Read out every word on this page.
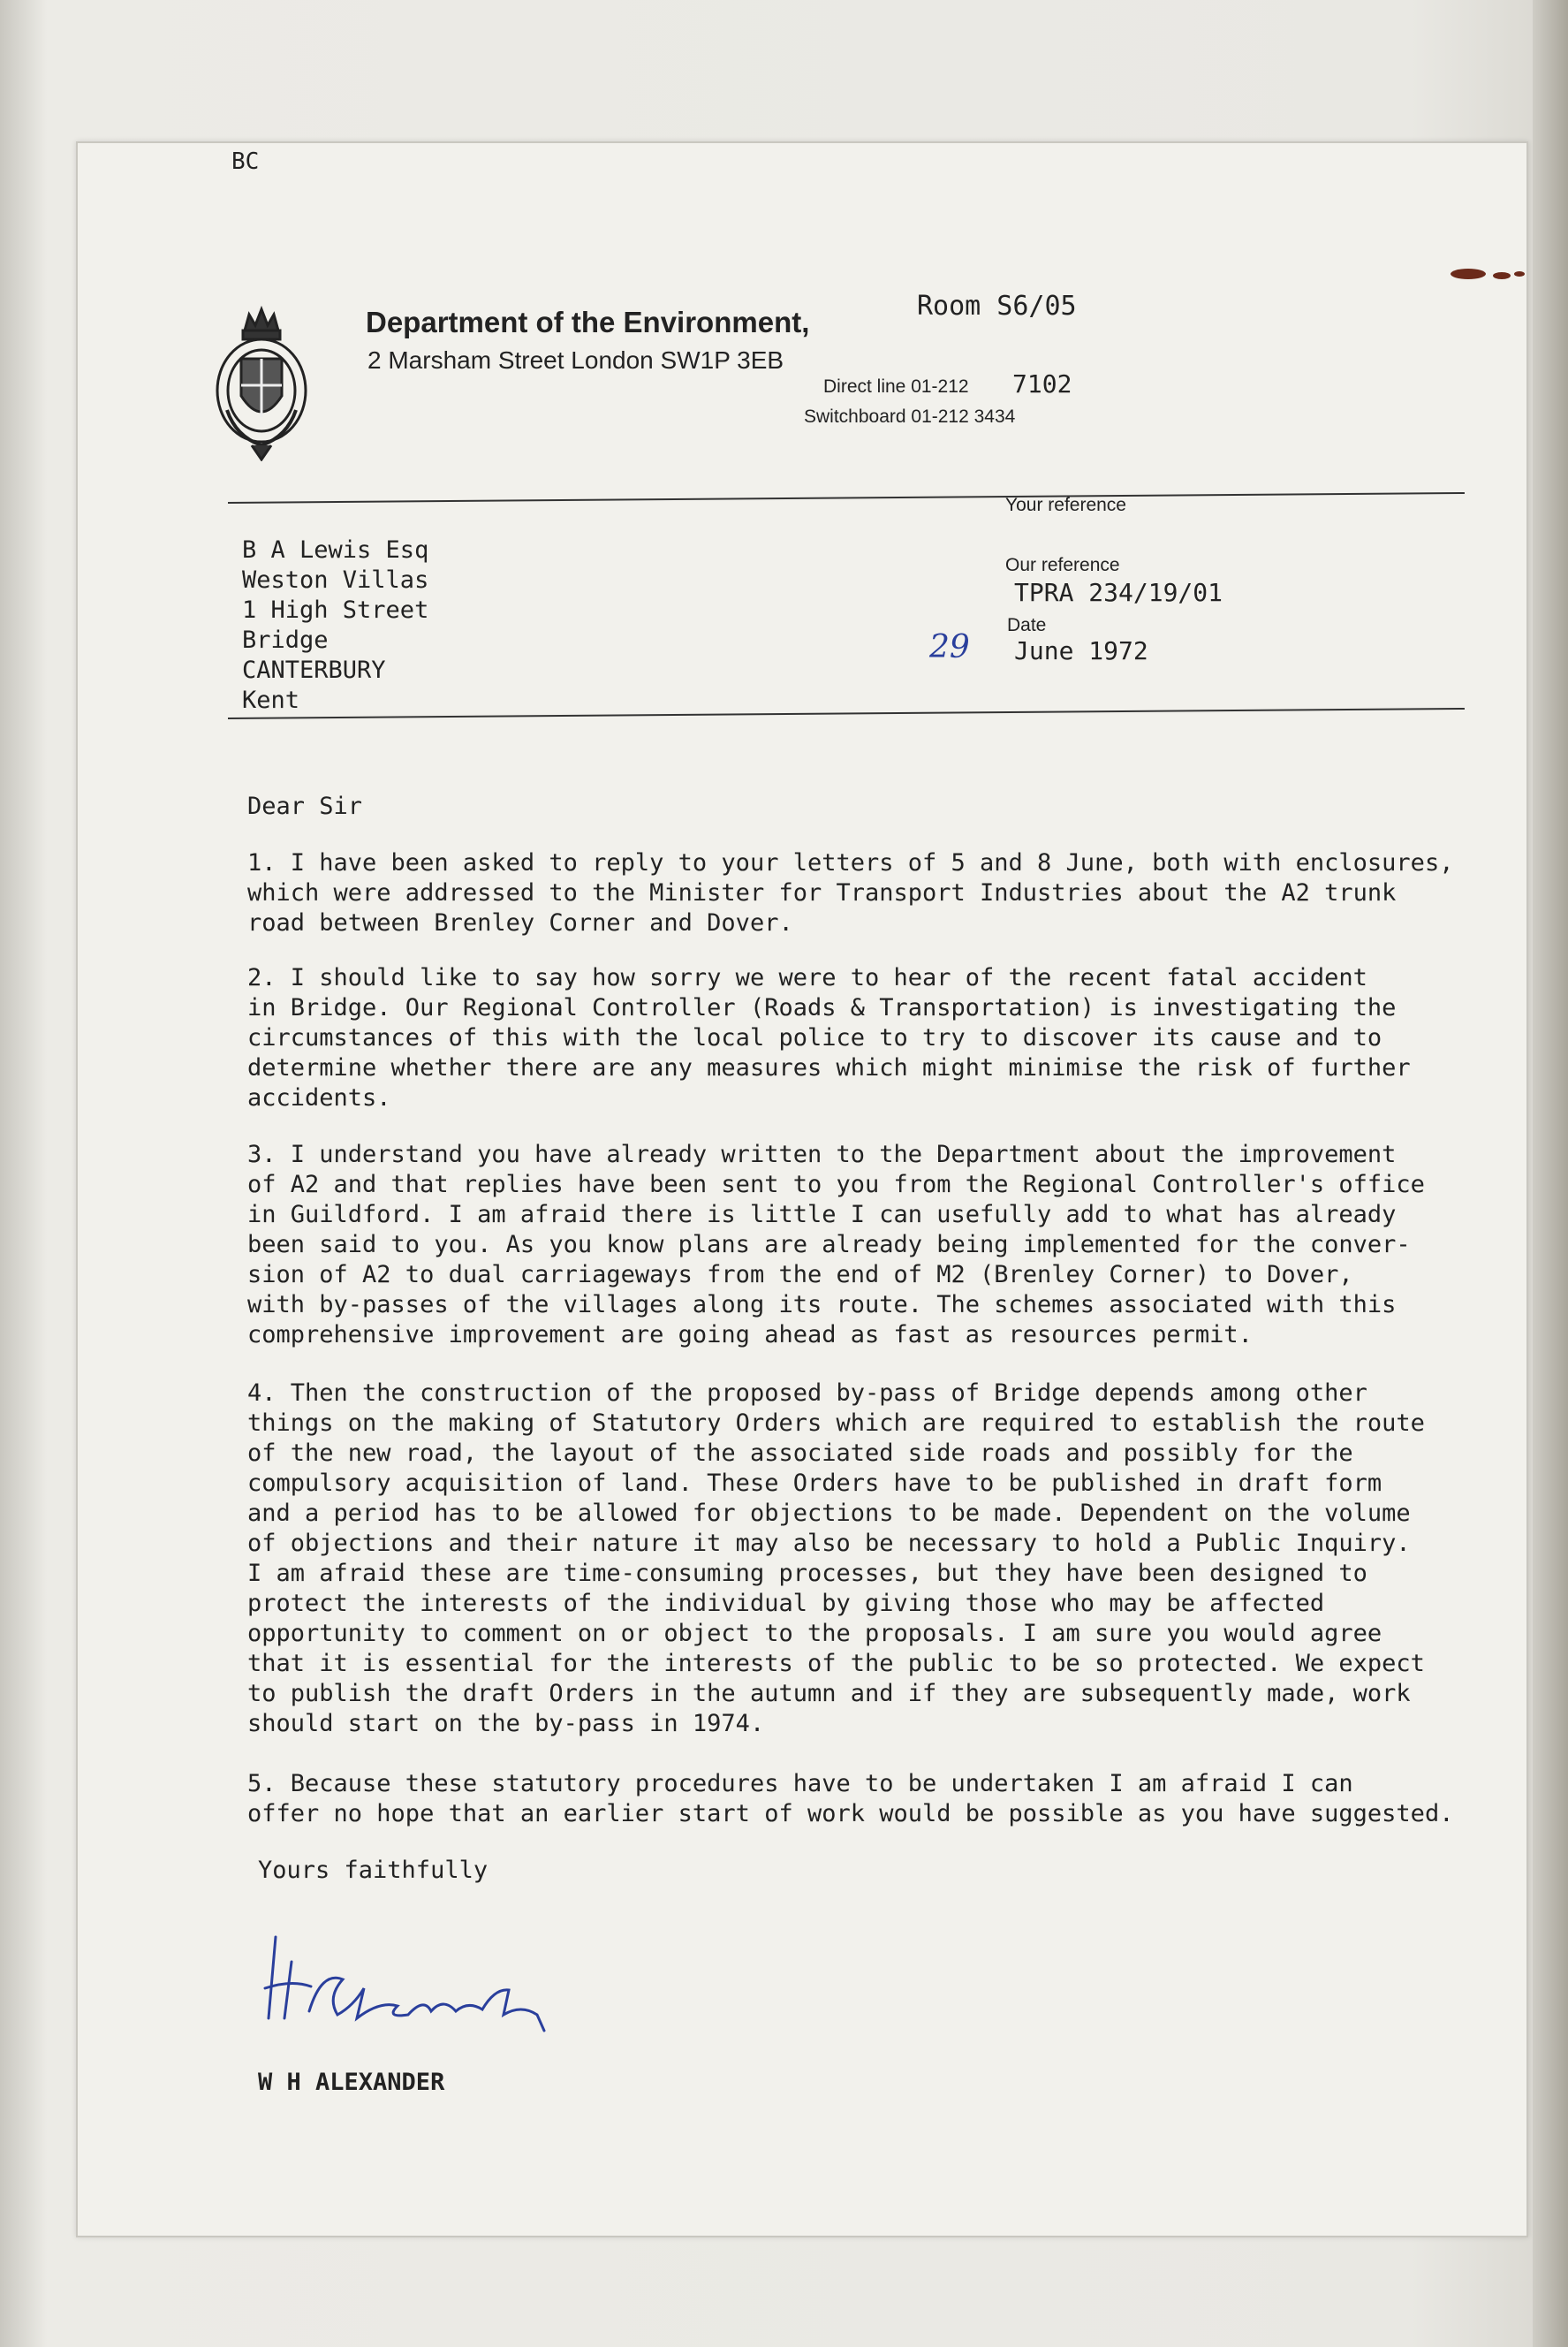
BC
Department of the Environment,	Room S6/05
2 Marsham Street London SW1P 3EB
Direct line 01-212 7102
Switchboard 01-212 3434
Your reference
Our reference
TPRA 234/19/01
Date
29 June 1972
B A Lewis Esq
Weston Villas
1 High Street
Bridge
CANTERBURY
Kent
Dear Sir
1. I have been asked to reply to your letters of 5 and 8 June, both with enclosures,
which were addressed to the Minister for Transport Industries about the A2 trunk
road between Brenley Corner and Dover.
2. I should like to say how sorry we were to hear of the recent fatal accident
in Bridge. Our Regional Controller (Roads & Transportation) is investigating the
circumstances of this with the local police to try to discover its cause and to
determine whether there are any measures which might minimise the risk of further
accidents.
3. I understand you have already written to the Department about the improvement
of A2 and that replies have been sent to you from the Regional Controller's office
in Guildford. I am afraid there is little I can usefully add to what has already
been said to you. As you know plans are already being implemented for the conver-
sion of A2 to dual carriageways from the end of M2 (Brenley Corner) to Dover,
with by-passes of the villages along its route. The schemes associated with this
comprehensive improvement are going ahead as fast as resources permit.
4. Then the construction of the proposed by-pass of Bridge depends among other
things on the making of Statutory Orders which are required to establish the route
of the new road, the layout of the associated side roads and possibly for the
compulsory acquisition of land. These Orders have to be published in draft form
and a period has to be allowed for objections to be made. Dependent on the volume
of objections and their nature it may also be necessary to hold a Public Inquiry.
I am afraid these are time-consuming processes, but they have been designed to
protect the interests of the individual by giving those who may be affected
opportunity to comment on or object to the proposals. I am sure you would agree
that it is essential for the interests of the public to be so protected. We expect
to publish the draft Orders in the autumn and if they are subsequently made, work
should start on the by-pass in 1974.
5. Because these statutory procedures have to be undertaken I am afraid I can
offer no hope that an earlier start of work would be possible as you have suggested.
Yours faithfully
W H ALEXANDER
